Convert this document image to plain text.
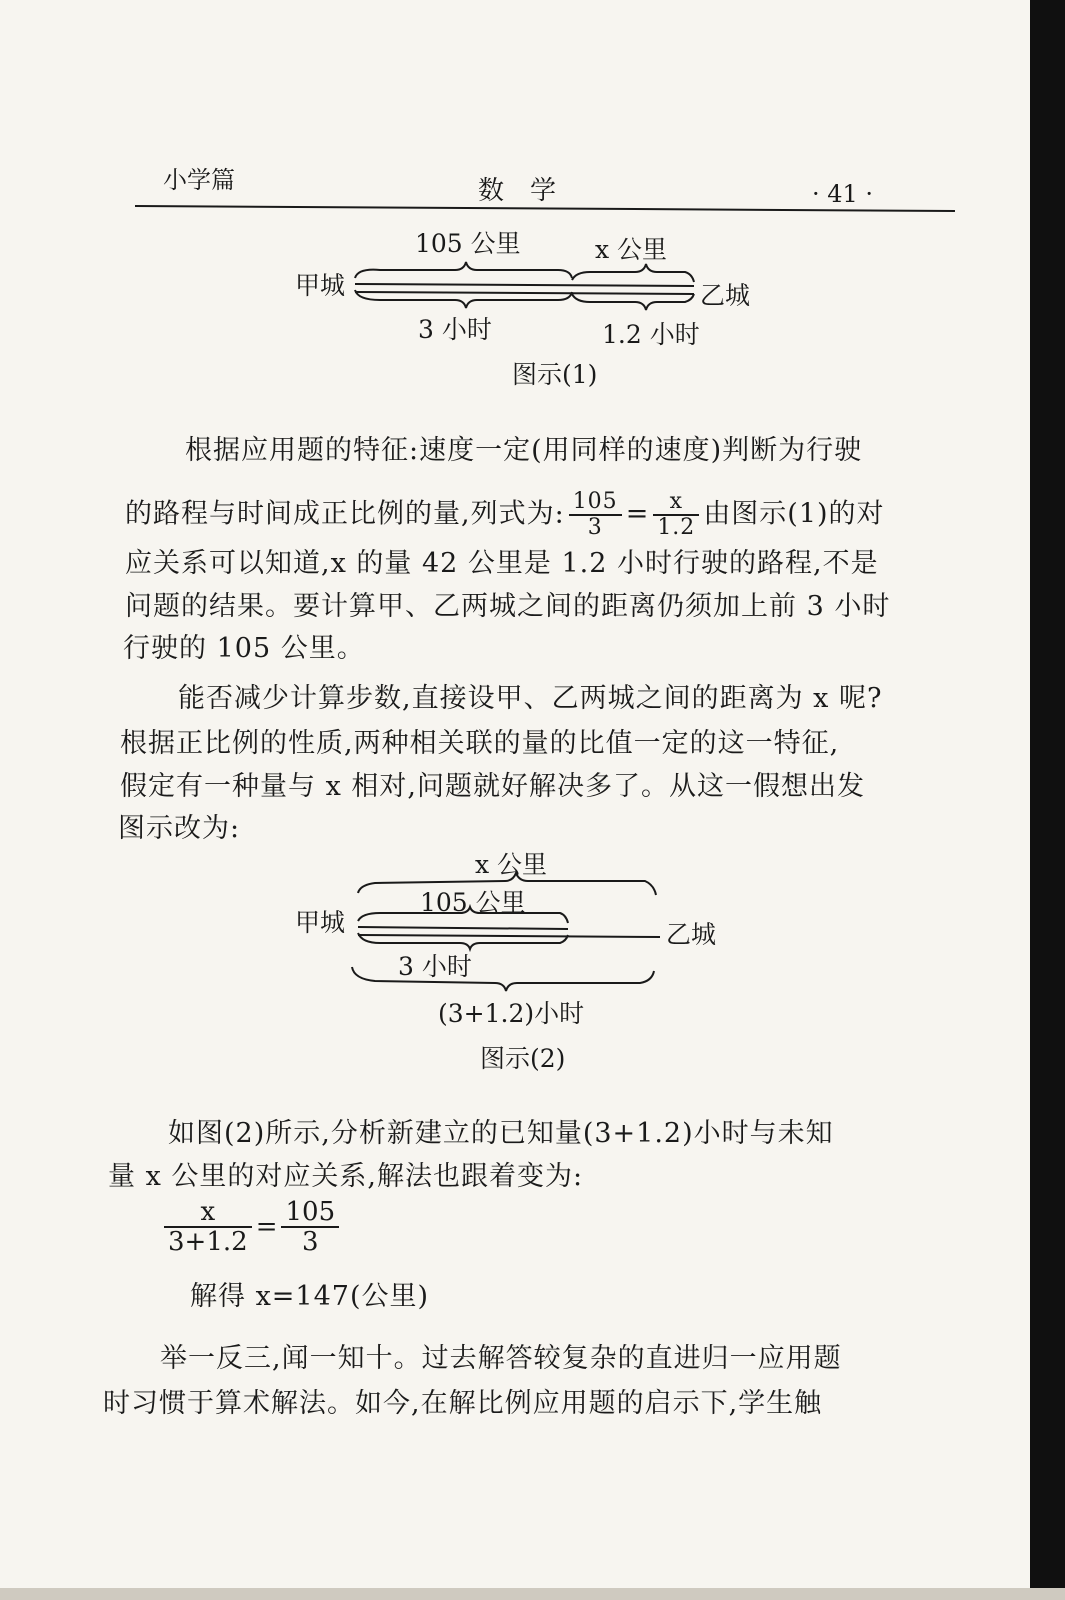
小学篇	数　学	· 41 ·
105 公里	x 公里
甲城	乙城
3 小时	1.2 小时
图示(1)
根据应用题的特征:速度一定(用同样的速度)判断为行驶
的路程与时间成正比例的量,列式为: $\frac{105}{3} = \frac{x}{1.2}$ 由图示(1)的对
应关系可以知道,x 的量 42 公里是 1.2 小时行驶的路程,不是
问题的结果。要计算甲、乙两城之间的距离仍须加上前 3 小时
行驶的 105 公里。
能否减少计算步数,直接设甲、乙两城之间的距离为 x 呢?
根据正比例的性质,两种相关联的量的比值一定的这一特征,
假定有一种量与 x 相对,问题就好解决多了。从这一假想出发
图示改为:
x 公里
105 公里
甲城	乙城
3 小时
(3+1.2)小时
图示(2)
如图(2)所示,分析新建立的已知量(3+1.2)小时与未知
量 x 公里的对应关系,解法也跟着变为:
$\frac{x}{3+1.2} = \frac{105}{3}$
解得 x=147(公里)
举一反三,闻一知十。过去解答较复杂的直进归一应用题
时习惯于算术解法。如今,在解比例应用题的启示下,学生触
